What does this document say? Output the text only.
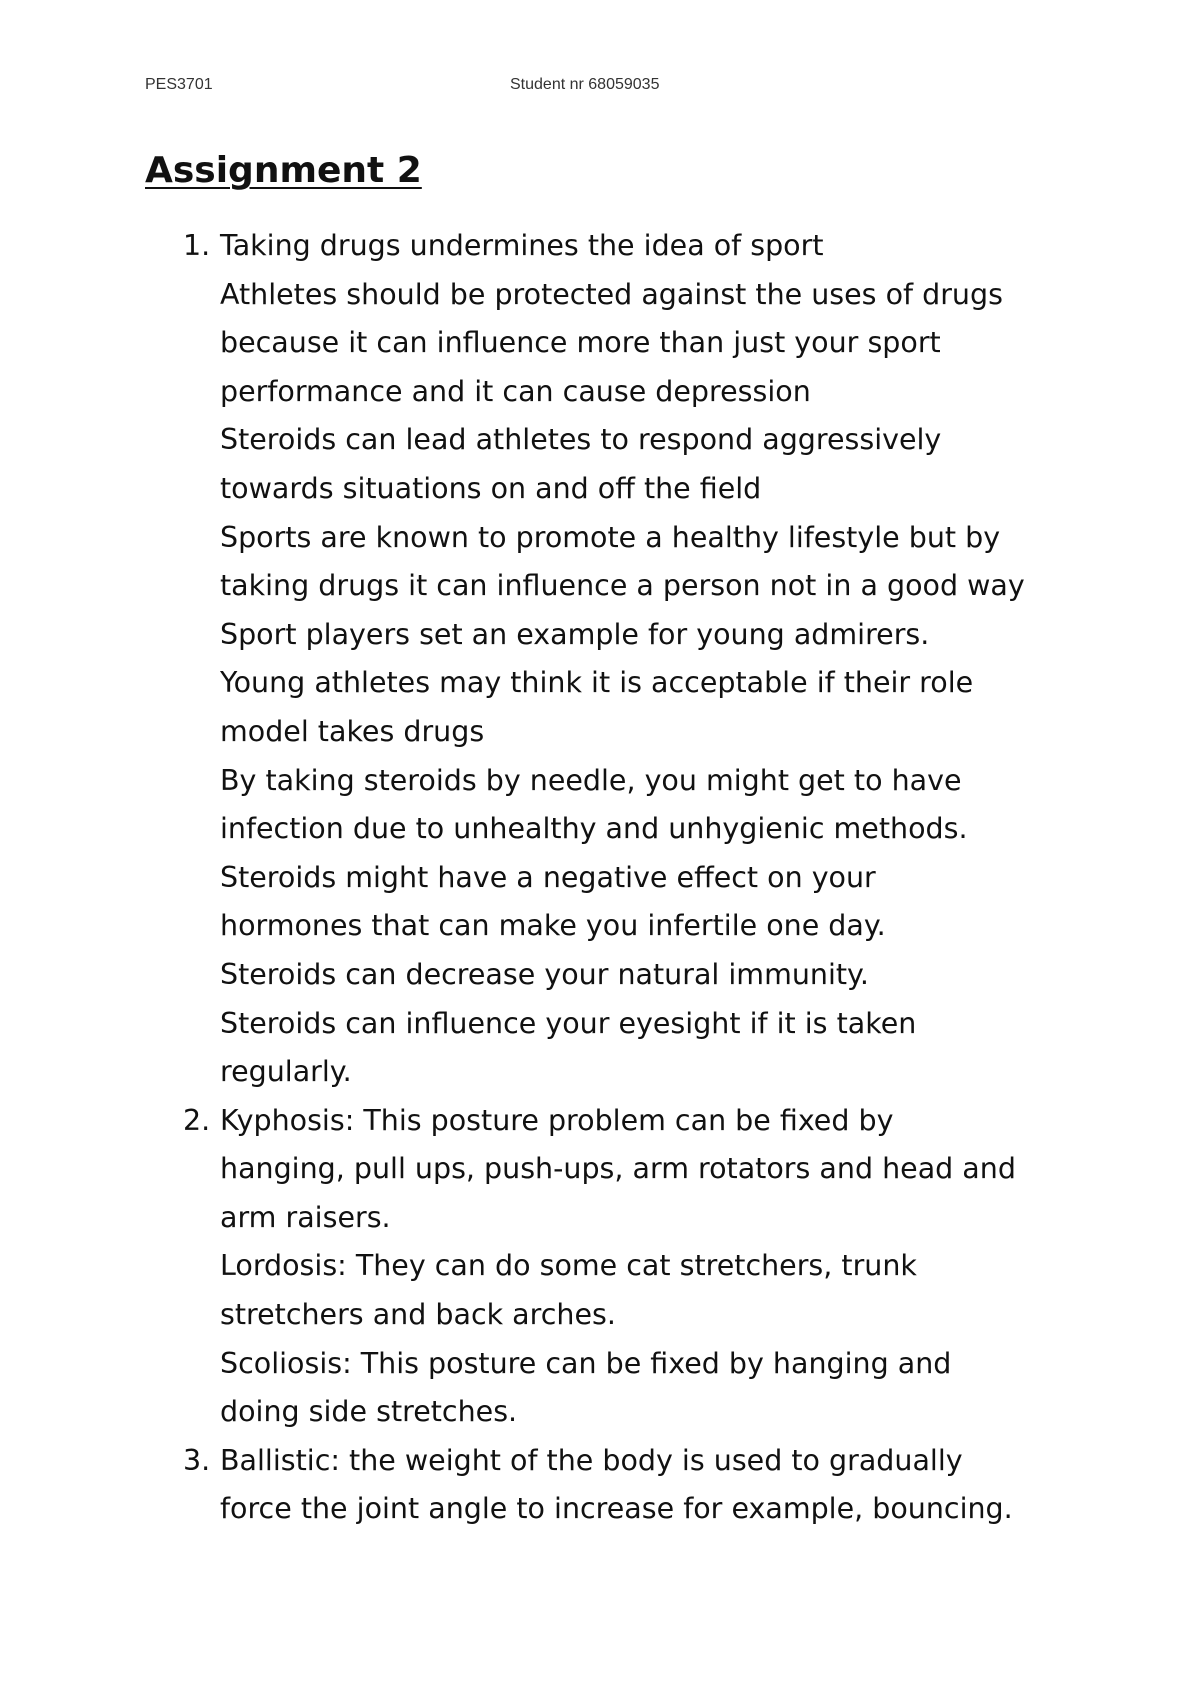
PES3701	Student nr 68059035
Assignment 2
1. Taking drugs undermines the idea of sport
Athletes should be protected against the uses of drugs
because it can influence more than just your sport
performance and it can cause depression
Steroids can lead athletes to respond aggressively
towards situations on and off the field
Sports are known to promote a healthy lifestyle but by
taking drugs it can influence a person not in a good way
Sport players set an example for young admirers.
Young athletes may think it is acceptable if their role
model takes drugs
By taking steroids by needle, you might get to have
infection due to unhealthy and unhygienic methods.
Steroids might have a negative effect on your
hormones that can make you infertile one day.
Steroids can decrease your natural immunity.
Steroids can influence your eyesight if it is taken
regularly.
2. Kyphosis: This posture problem can be fixed by
hanging, pull ups, push-ups, arm rotators and head and
arm raisers.
Lordosis: They can do some cat stretchers, trunk
stretchers and back arches.
Scoliosis: This posture can be fixed by hanging and
doing side stretches.
3. Ballistic: the weight of the body is used to gradually
force the joint angle to increase for example, bouncing.
